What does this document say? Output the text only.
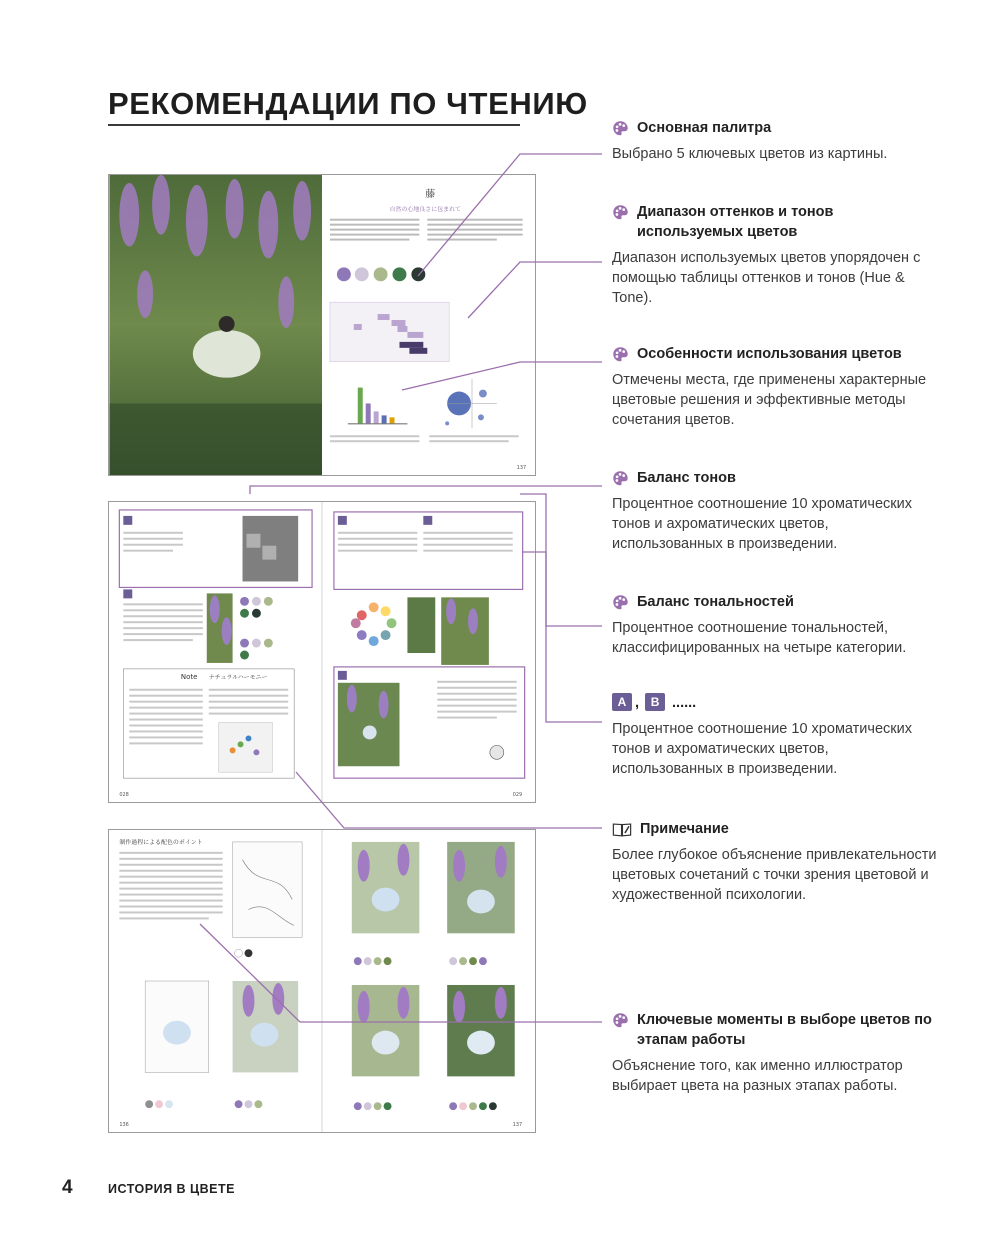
РЕКОМЕНДАЦИИ ПО ЧТЕНИЮ
藤
自然の心地良さに包まれて
137
Note ナチュラルハーモニー
028	029
制作過程による配色のポイント
136	137
Основная палитра
Выбрано 5 ключевых цветов из картины.
Диапазон оттенков и тонов используемых цветов
Диапазон используемых цветов упорядочен с помощью таблицы оттенков и тонов (Hue & Tone).
Особенности использования цветов
Отмечены места, где применены характерные цветовые решения и эффективные методы сочетания цветов.
Баланс тонов
Процентное соотношение 10 хроматических тонов и ахроматических цветов, использованных в произведении.
Баланс тональностей
Процентное соотношение тональностей, классифицированных на четыре категории.
A , B ......
Процентное соотношение 10 хроматических тонов и ахроматических цветов, использованных в произведении.
Примечание
Более глубокое объяснение привлекательности цветовых сочетаний с точки зрения цветовой и художественной психологии.
Ключевые моменты в выборе цветов по этапам работы
Объяснение того, как именно иллюстратор выбирает цвета на разных этапах работы.
4	ИСТОРИЯ В ЦВЕТЕ
